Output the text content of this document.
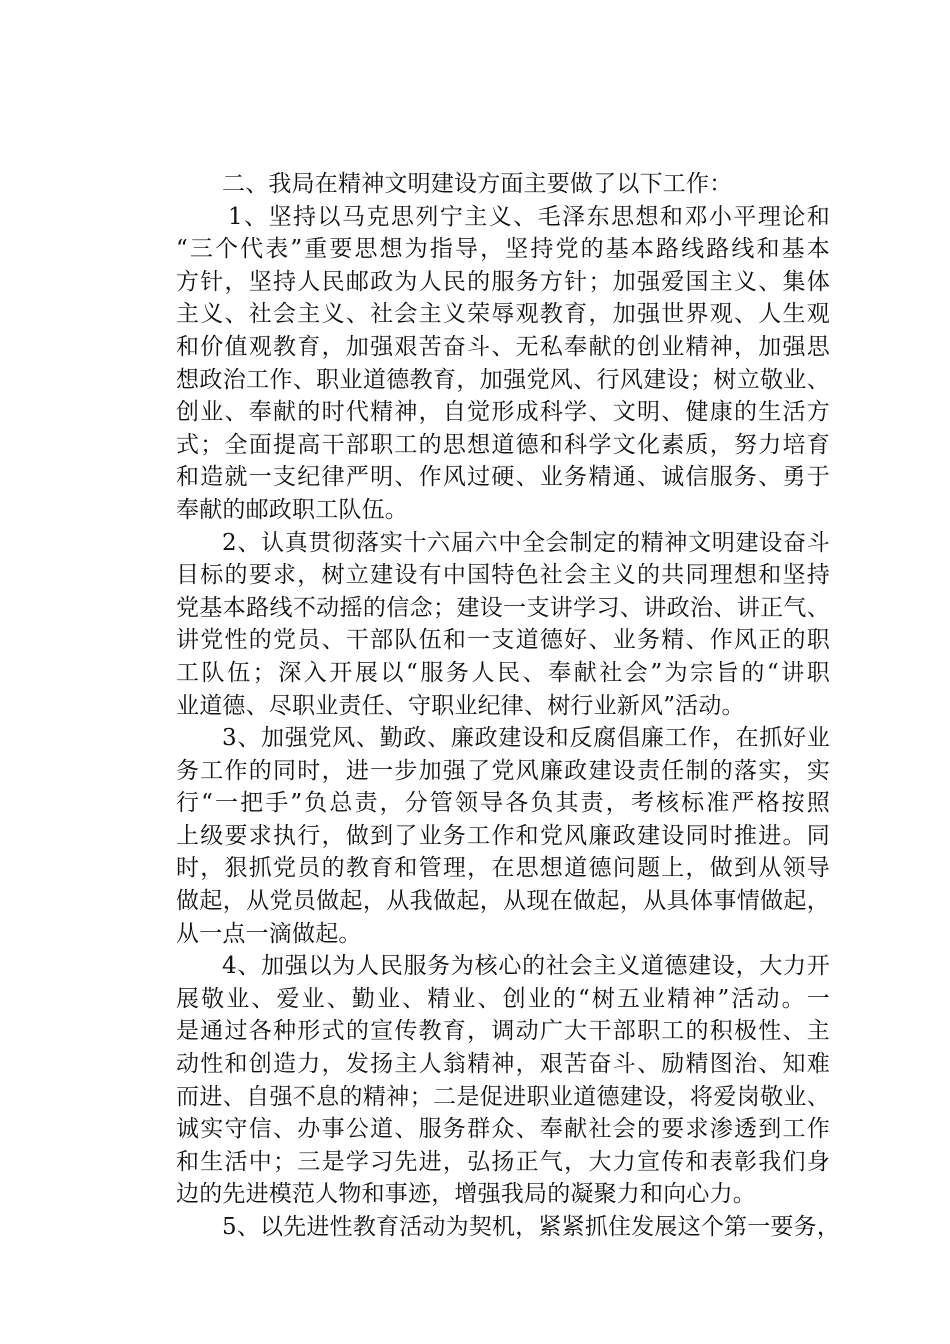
二、我局在精神文明建设方面主要做了以下工作：
1、坚持以马克思列宁主义、毛泽东思想和邓小平理论和
“三个代表”重要思想为指导，坚持党的基本路线路线和基本
方针，坚持人民邮政为人民的服务方针；加强爱国主义、集体
主义、社会主义、社会主义荣辱观教育，加强世界观、人生观
和价值观教育，加强艰苦奋斗、无私奉献的创业精神，加强思
想政治工作、职业道德教育，加强党风、行风建设；树立敬业、
创业、奉献的时代精神，自觉形成科学、文明、健康的生活方
式；全面提高干部职工的思想道德和科学文化素质，努力培育
和造就一支纪律严明、作风过硬、业务精通、诚信服务、勇于
奉献的邮政职工队伍。
2、认真贯彻落实十六届六中全会制定的精神文明建设奋斗
目标的要求，树立建设有中国特色社会主义的共同理想和坚持
党基本路线不动摇的信念；建设一支讲学习、讲政治、讲正气、
讲党性的党员、干部队伍和一支道德好、业务精、作风正的职
工队伍；深入开展以“服务人民、奉献社会”为宗旨的“讲职
业道德、尽职业责任、守职业纪律、树行业新风”活动。
3、加强党风、勤政、廉政建设和反腐倡廉工作，在抓好业
务工作的同时，进一步加强了党风廉政建设责任制的落实，实
行“一把手”负总责，分管领导各负其责，考核标准严格按照
上级要求执行，做到了业务工作和党风廉政建设同时推进。同
时，狠抓党员的教育和管理，在思想道德问题上，做到从领导
做起，从党员做起，从我做起，从现在做起，从具体事情做起，
从一点一滴做起。
4、加强以为人民服务为核心的社会主义道德建设，大力开
展敬业、爱业、勤业、精业、创业的“树五业精神”活动。一
是通过各种形式的宣传教育，调动广大干部职工的积极性、主
动性和创造力，发扬主人翁精神，艰苦奋斗、励精图治、知难
而进、自强不息的精神；二是促进职业道德建设，将爱岗敬业、
诚实守信、办事公道、服务群众、奉献社会的要求渗透到工作
和生活中；三是学习先进，弘扬正气，大力宣传和表彰我们身
边的先进模范人物和事迹，增强我局的凝聚力和向心力。
5、以先进性教育活动为契机，紧紧抓住发展这个第一要务，
